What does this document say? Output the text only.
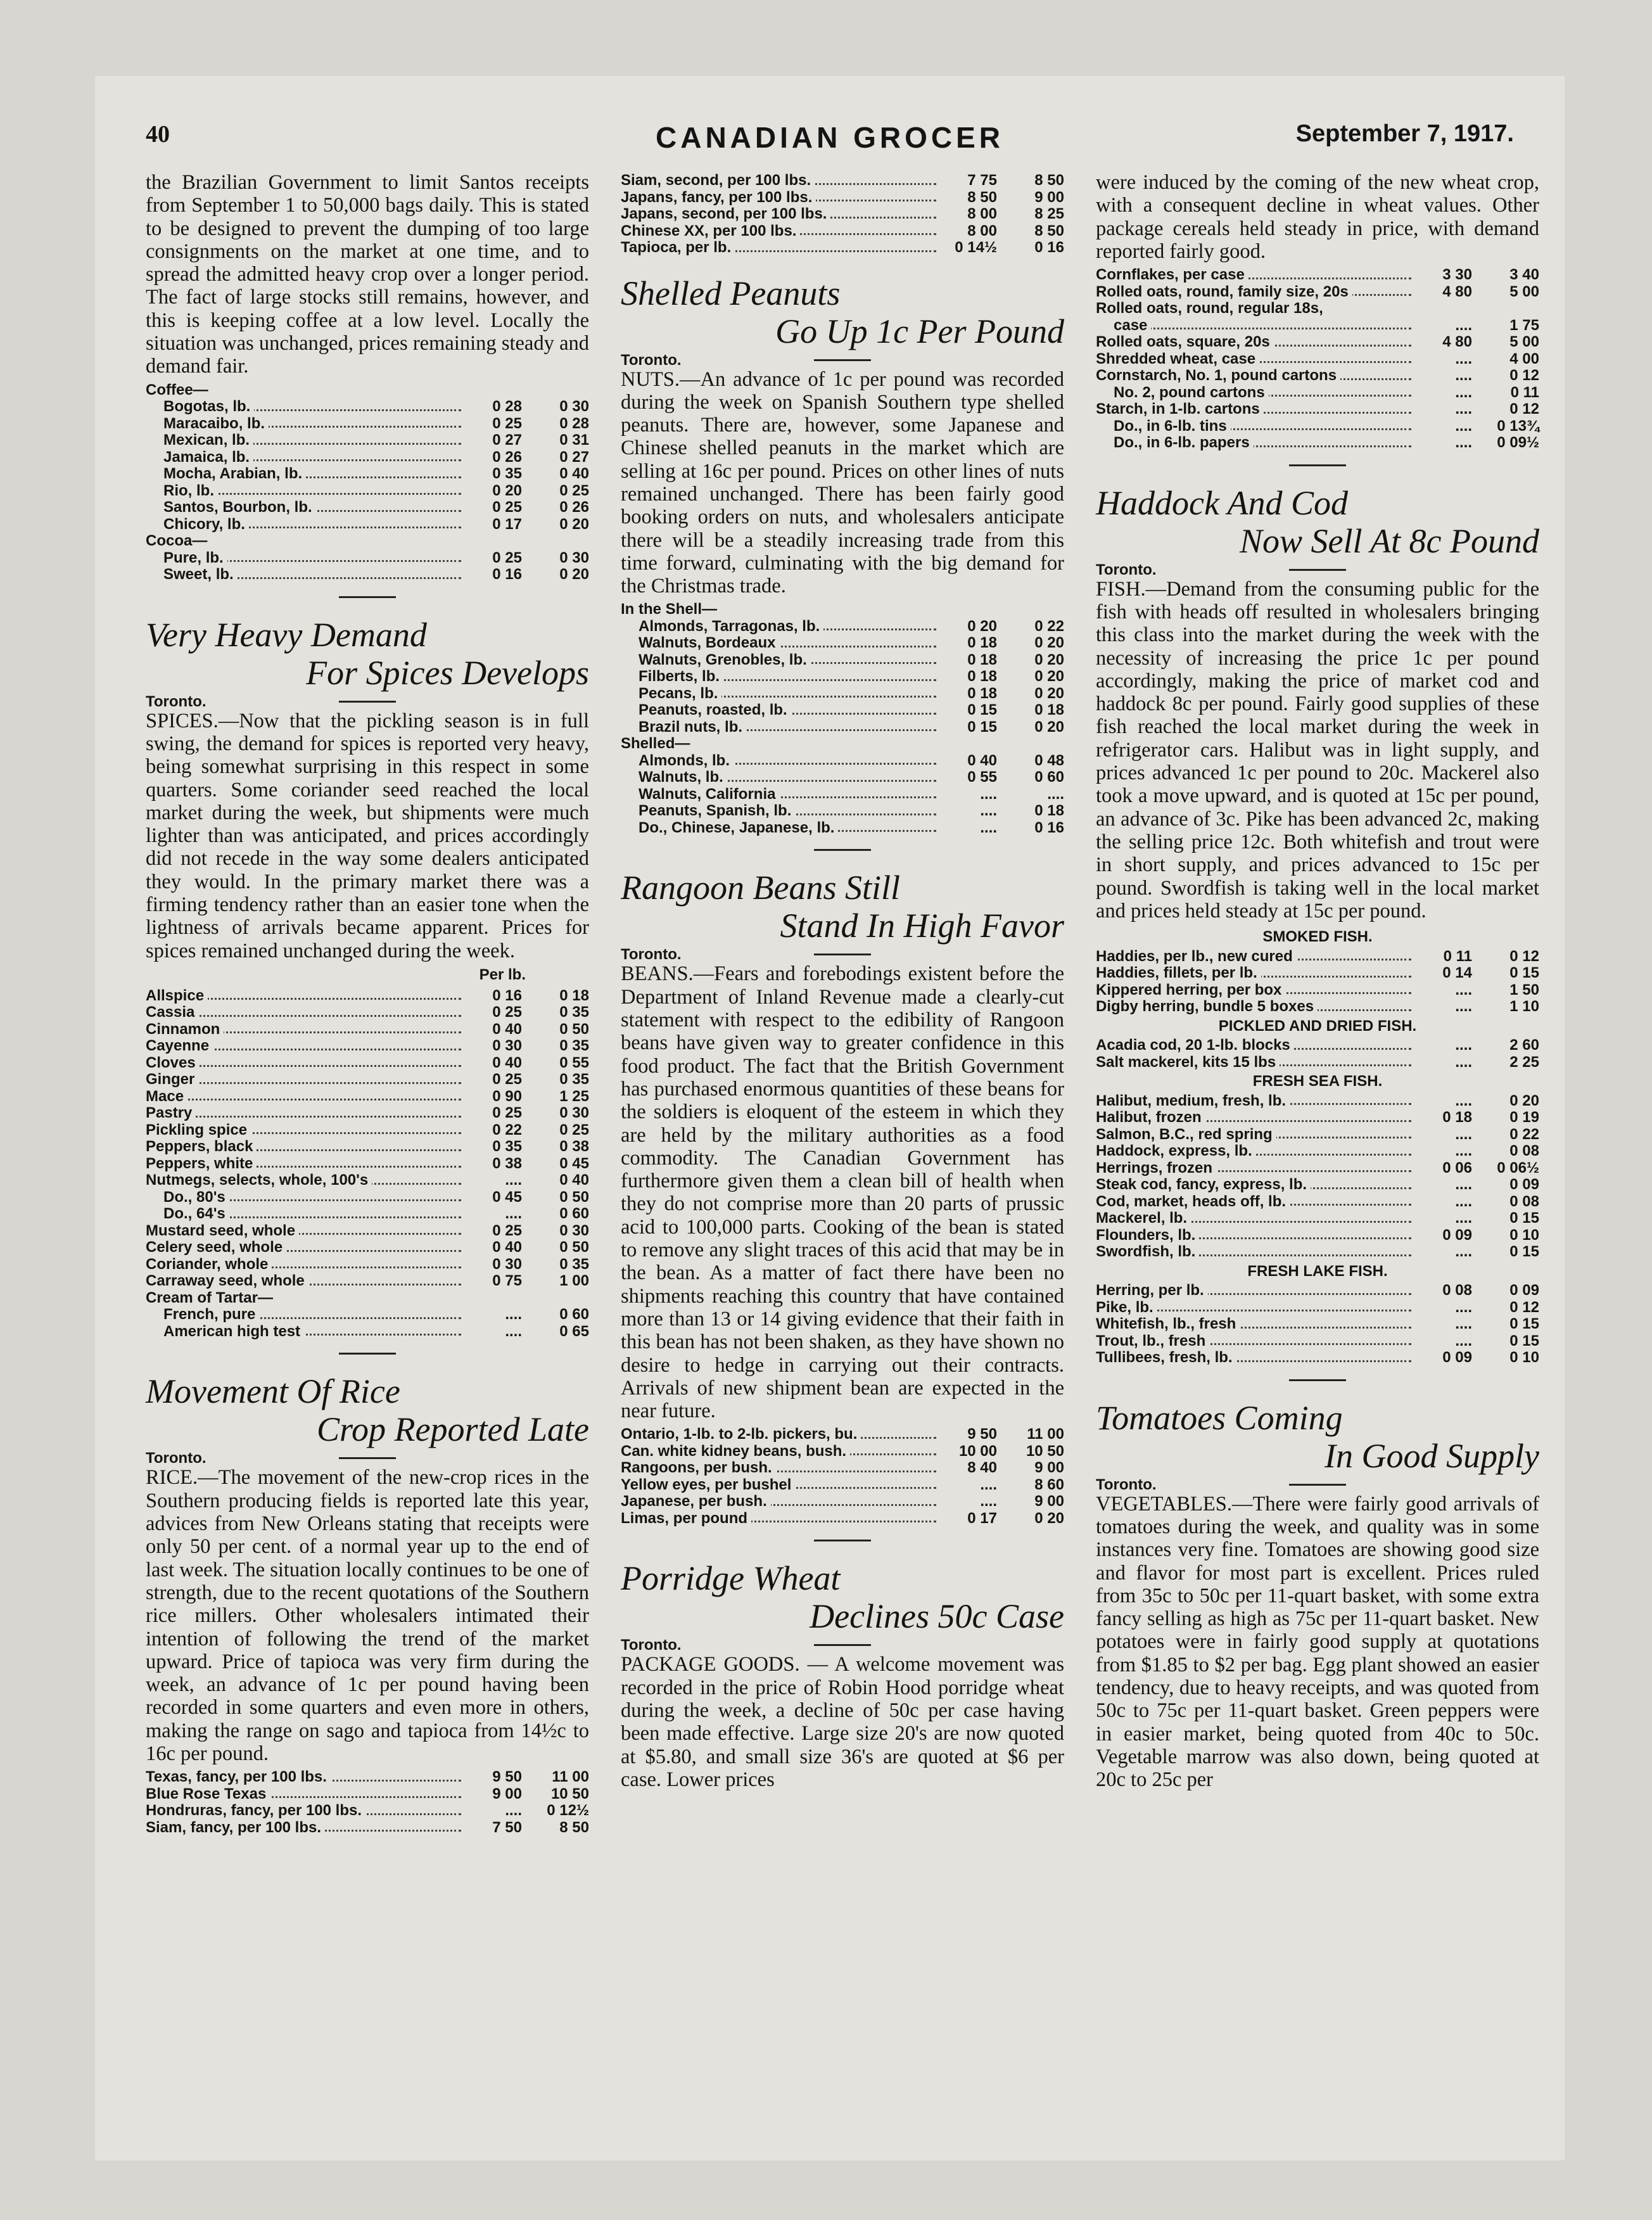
40	CANADIAN GROCER	September 7, 1917.

the Brazilian Government to limit Santos receipts from September 1 to 50,000 bags daily. This is stated to be designed to prevent the dumping of too large consignments on the market at one time, and to spread the admitted heavy crop over a longer period. The fact of large stocks still remains, however, and this is keeping coffee at a low level. Locally the situation was unchanged, prices remaining steady and demand fair.

Coffee—		
Bogotas, lb.	0 28	0 30
Maracaibo, lb.	0 25	0 28
Mexican, lb.	0 27	0 31
Jamaica, lb.	0 26	0 27
Mocha, Arabian, lb.	0 35	0 40
Rio, lb.	0 20	0 25
Santos, Bourbon, lb.	0 25	0 26
Chicory, lb.	0 17	0 20
Cocoa—		
Pure, lb.	0 25	0 30
Sweet, lb.	0 16	0 20
Very Heavy Demand
For Spices Develops
Toronto.

SPICES.—Now that the pickling season is in full swing, the demand for spices is reported very heavy, being somewhat surprising in this respect in some quarters. Some coriander seed reached the local market during the week, but shipments were much lighter than was anticipated, and prices accordingly did not recede in the way some dealers anticipated they would. In the primary market there was a firming tendency rather than an easier tone when the lightness of arrivals became apparent. Prices for spices remained unchanged during the week.

Per lb.
Allspice	0 16	0 18
Cassia	0 25	0 35
Cinnamon	0 40	0 50
Cayenne	0 30	0 35
Cloves	0 40	0 55
Ginger	0 25	0 35
Mace	0 90	1 25
Pastry	0 25	0 30
Pickling spice	0 22	0 25
Peppers, black	0 35	0 38
Peppers, white	0 38	0 45
Nutmegs, selects, whole, 100's	....	0 40
Do., 80's	0 45	0 50
Do., 64's	....	0 60
Mustard seed, whole	0 25	0 30
Celery seed, whole	0 40	0 50
Coriander, whole	0 30	0 35
Carraway seed, whole	0 75	1 00
Cream of Tartar—		
French, pure	....	0 60
American high test	....	0 65
Movement Of Rice
Crop Reported Late
Toronto.

RICE.—The movement of the new-crop rices in the Southern producing fields is reported late this year, advices from New Orleans stating that receipts were only 50 per cent. of a normal year up to the end of last week. The situation locally continues to be one of strength, due to the recent quotations of the Southern rice millers. Other wholesalers intimated their intention of following the trend of the market upward. Price of tapioca was very firm during the week, an advance of 1c per pound having been recorded in some quarters and even more in others, making the range on sago and tapioca from 14½c to 16c per pound.

Texas, fancy, per 100 lbs.	9 50	11 00
Blue Rose Texas	9 00	10 50
Hondruras, fancy, per 100 lbs.	....	0 12½
Siam, fancy, per 100 lbs.	7 50	8 50
Siam, second, per 100 lbs.	7 75	8 50
Japans, fancy, per 100 lbs.	8 50	9 00
Japans, second, per 100 lbs.	8 00	8 25
Chinese XX, per 100 lbs.	8 00	8 50
Tapioca, per lb.	0 14½	0 16
Shelled Peanuts
Go Up 1c Per Pound
Toronto.

NUTS.—An advance of 1c per pound was recorded during the week on Spanish Southern type shelled peanuts. There are, however, some Japanese and Chinese shelled peanuts in the market which are selling at 16c per pound. Prices on other lines of nuts remained unchanged. There has been fairly good booking orders on nuts, and wholesalers anticipate there will be a steadily increasing trade from this time forward, culminating with the big demand for the Christmas trade.

In the Shell—		
Almonds, Tarragonas, lb.	0 20	0 22
Walnuts, Bordeaux	0 18	0 20
Walnuts, Grenobles, lb.	0 18	0 20
Filberts, lb.	0 18	0 20
Pecans, lb.	0 18	0 20
Peanuts, roasted, lb.	0 15	0 18
Brazil nuts, lb.	0 15	0 20
Shelled—		
Almonds, lb.	0 40	0 48
Walnuts, lb.	0 55	0 60
Walnuts, California	....	....
Peanuts, Spanish, lb.	....	0 18
Do., Chinese, Japanese, lb.	....	0 16
Rangoon Beans Still
Stand In High Favor
Toronto.

BEANS.—Fears and forebodings existent before the Department of Inland Revenue made a clearly-cut statement with respect to the edibility of Rangoon beans have given way to greater confidence in this food product. The fact that the British Government has purchased enormous quantities of these beans for the soldiers is eloquent of the esteem in which they are held by the military authorities as a food commodity. The Canadian Government has furthermore given them a clean bill of health when they do not comprise more than 20 parts of prussic acid to 100,000 parts. Cooking of the bean is stated to remove any slight traces of this acid that may be in the bean. As a matter of fact there have been no shipments reaching this country that have contained more than 13 or 14 giving evidence that their faith in this bean has not been shaken, as they have shown no desire to hedge in carrying out their contracts. Arrivals of new shipment bean are expected in the near future.

Ontario, 1-lb. to 2-lb. pickers, bu.	9 50	11 00
Can. white kidney beans, bush.	10 00	10 50
Rangoons, per bush.	8 40	9 00
Yellow eyes, per bushel	....	8 60
Japanese, per bush.	....	9 00
Limas, per pound	0 17	0 20
Porridge Wheat
Declines 50c Case
Toronto.

PACKAGE GOODS. — A welcome movement was recorded in the price of Robin Hood porridge wheat during the week, a decline of 50c per case having been made effective. Large size 20's are now quoted at $5.80, and small size 36's are quoted at $6 per case. Lower prices

were induced by the coming of the new wheat crop, with a consequent decline in wheat values. Other package cereals held steady in price, with demand reported fairly good.

Cornflakes, per case	3 30	3 40
Rolled oats, round, family size, 20s	4 80	5 00
Rolled oats, round, regular 18s,		
case	....	1 75
Rolled oats, square, 20s	4 80	5 00
Shredded wheat, case	....	4 00
Cornstarch, No. 1, pound cartons	....	0 12
No. 2, pound cartons	....	0 11
Starch, in 1-lb. cartons	....	0 12
Do., in 6-lb. tins	....	0 13¾
Do., in 6-lb. papers	....	0 09½
Haddock And Cod
Now Sell At 8c Pound
Toronto.

FISH.—Demand from the consuming public for the fish with heads off resulted in wholesalers bringing this class into the market during the week with the necessity of increasing the price 1c per pound accordingly, making the price of market cod and haddock 8c per pound. Fairly good supplies of these fish reached the local market during the week in refrigerator cars. Halibut was in light supply, and prices advanced 1c per pound to 20c. Mackerel also took a move upward, and is quoted at 15c per pound, an advance of 3c. Pike has been advanced 2c, making the selling price 12c. Both whitefish and trout were in short supply, and prices advanced to 15c per pound. Swordfish is taking well in the local market and prices held steady at 15c per pound.

SMOKED FISH.		
Haddies, per lb., new cured	0 11	0 12
Haddies, fillets, per lb.	0 14	0 15
Kippered herring, per box	....	1 50
Digby herring, bundle 5 boxes	....	1 10
PICKLED AND DRIED FISH.		
Acadia cod, 20 1-lb. blocks	....	2 60
Salt mackerel, kits 15 lbs	....	2 25
FRESH SEA FISH.		
Halibut, medium, fresh, lb.	....	0 20
Halibut, frozen	0 18	0 19
Salmon, B.C., red spring	....	0 22
Haddock, express, lb.	....	0 08
Herrings, frozen	0 06	0 06½
Steak cod, fancy, express, lb.	....	0 09
Cod, market, heads off, lb.	....	0 08
Mackerel, lb.	....	0 15
Flounders, lb.	0 09	0 10
Swordfish, lb.	....	0 15
FRESH LAKE FISH.		
Herring, per lb.	0 08	0 09
Pike, lb.	....	0 12
Whitefish, lb., fresh	....	0 15
Trout, lb., fresh	....	0 15
Tullibees, fresh, lb.	0 09	0 10
Tomatoes Coming
In Good Supply
Toronto.

VEGETABLES.—There were fairly good arrivals of tomatoes during the week, and quality was in some instances very fine. Tomatoes are showing good size and flavor for most part is excellent. Prices ruled from 35c to 50c per 11-quart basket, with some extra fancy selling as high as 75c per 11-quart basket. New potatoes were in fairly good supply at quotations from $1.85 to $2 per bag. Egg plant showed an easier tendency, due to heavy receipts, and was quoted from 50c to 75c per 11-quart basket. Green peppers were in easier market, being quoted from 40c to 50c. Vegetable marrow was also down, being quoted at 20c to 25c per
